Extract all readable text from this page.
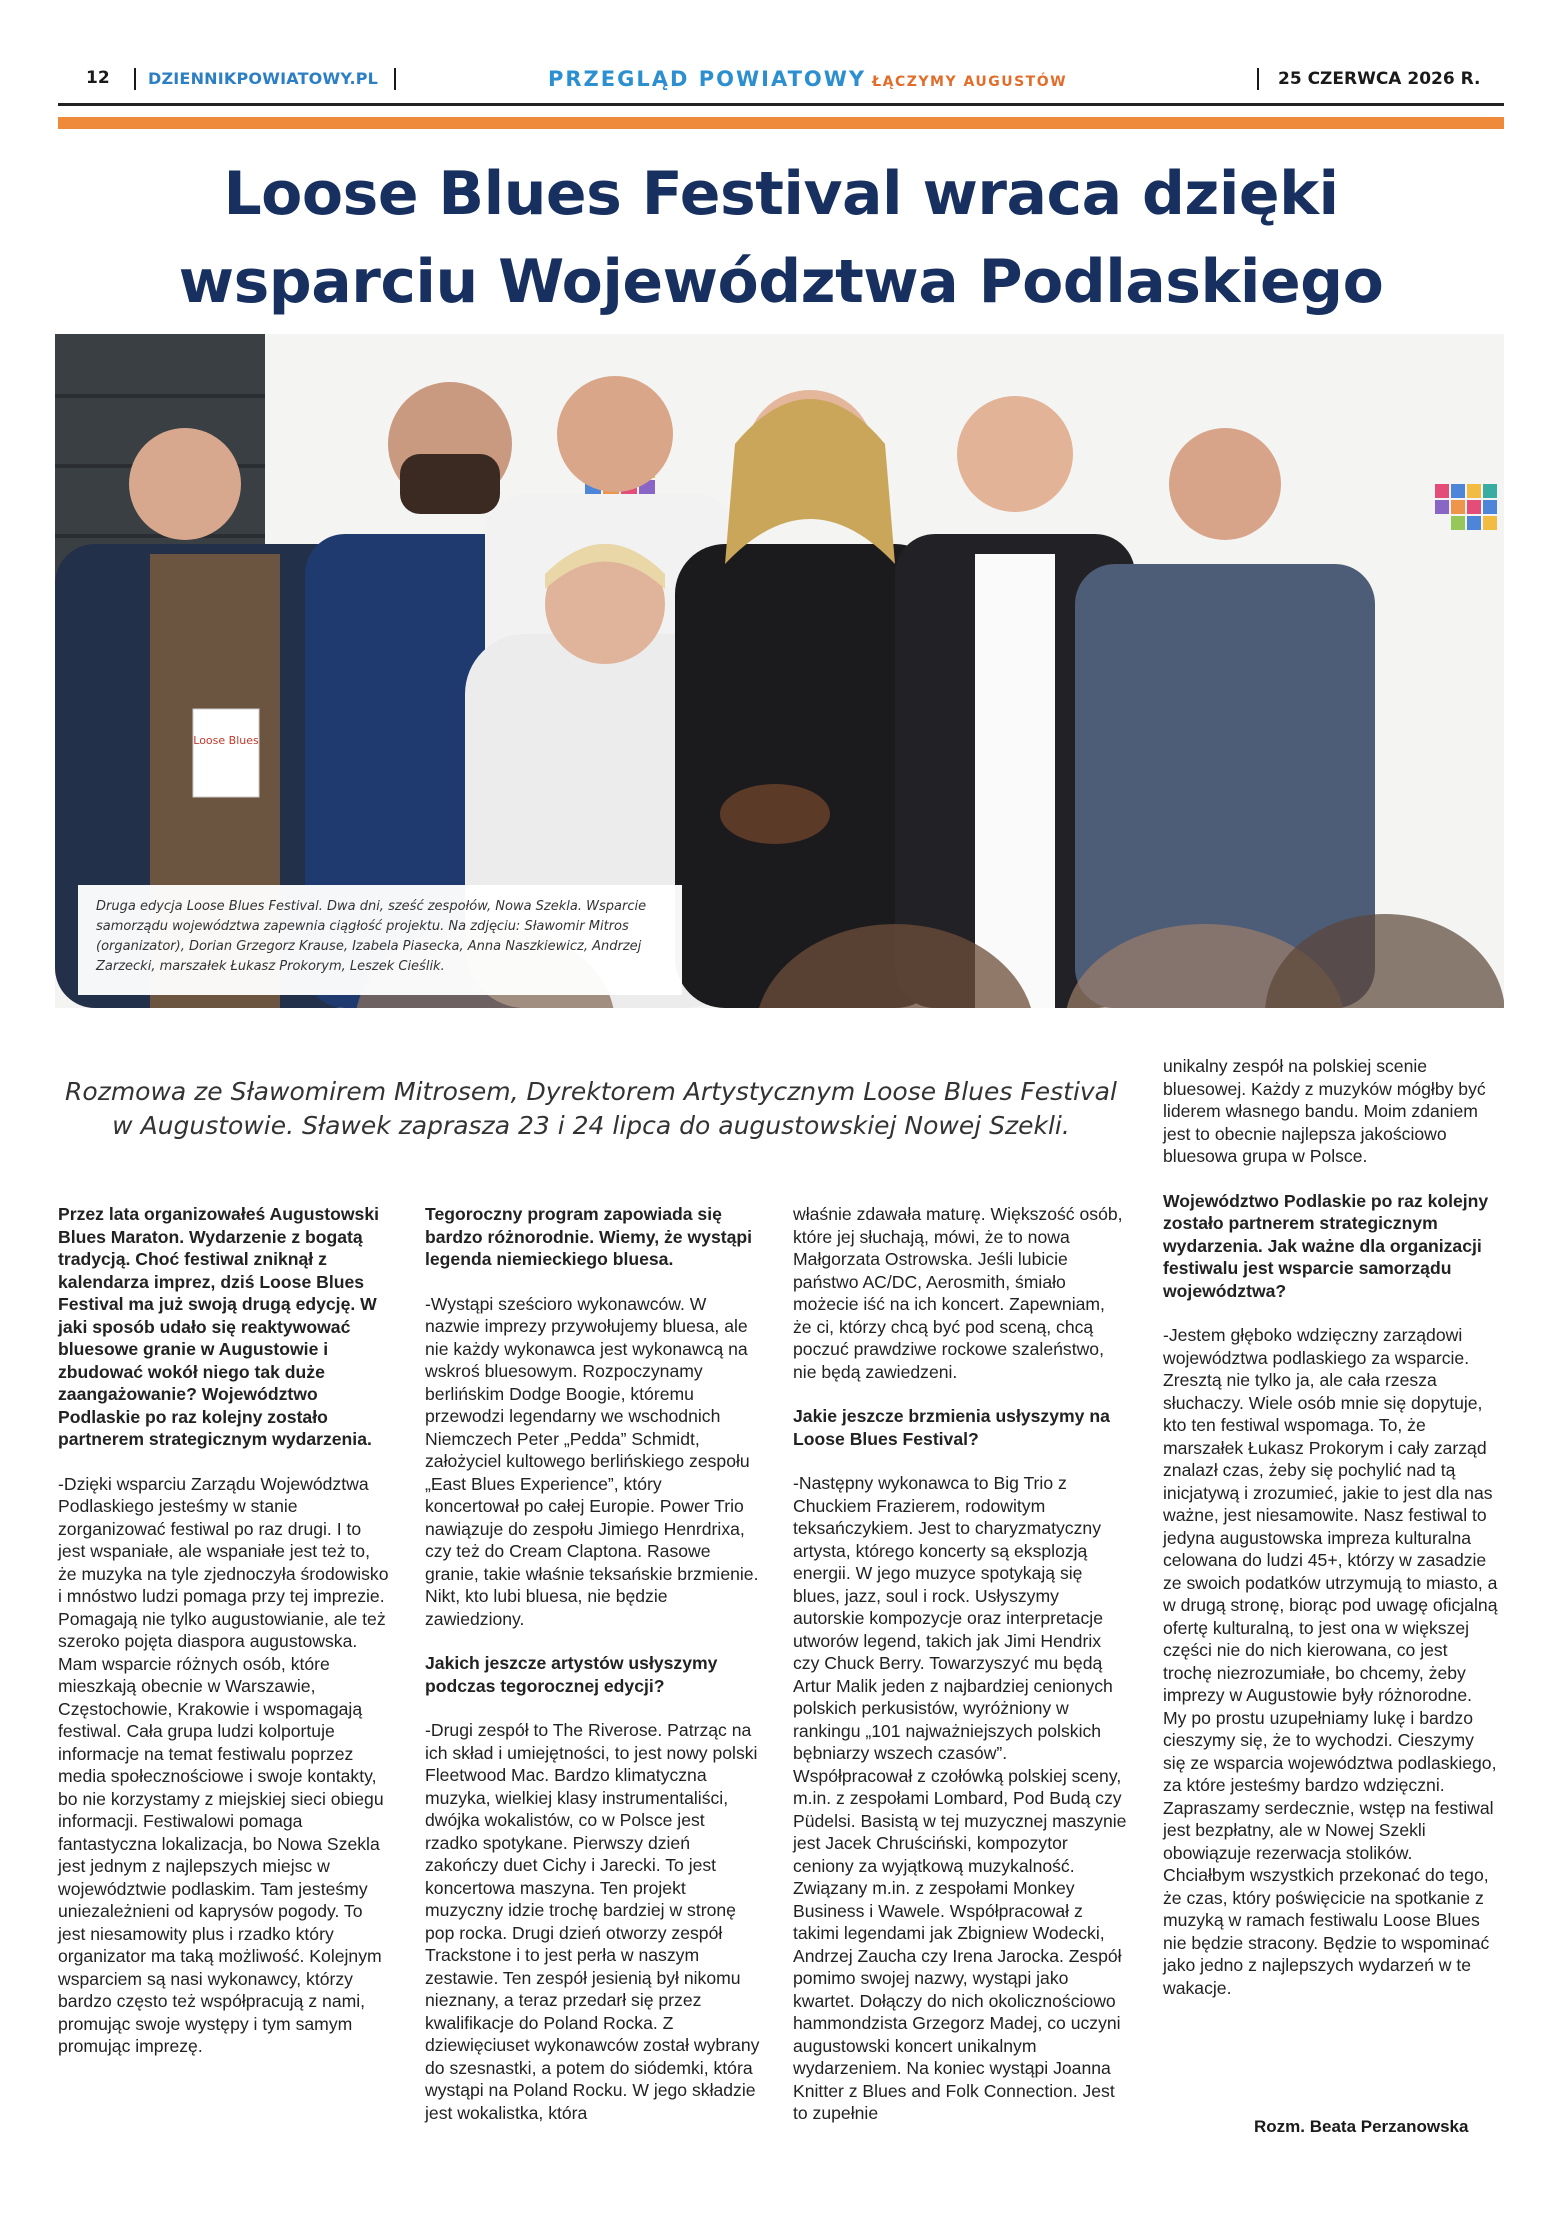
12 DZIENNIKPOWIATOWY.PL	PRZEGLĄD POWIATOWY ŁĄCZYMY AUGUSTÓW	25 CZERWCA 2026 R.
Loose Blues Festival wraca dzięki
wsparciu Województwa Podlaskiego
Loose Blues
Druga edycja Loose Blues Festival. Dwa dni, sześć zespołów, Nowa Szekla. Wsparcie samorządu województwa zapewnia ciągłość projektu. Na zdjęciu: Sławomir Mitros (organizator), Dorian Grzegorz Krause, Izabela Piasecka, Anna Naszkiewicz, Andrzej Zarzecki, marszałek Łukasz Prokorym, Leszek Cieślik.
Rozmowa ze Sławomirem Mitrosem, Dyrektorem Artystycznym Loose Blues Festival w Augustowie. Sławek zaprasza 23 i 24 lipca do augustowskiej Nowej Szekli.

Przez lata organizowałeś Augustowski Blues Maraton. Wydarzenie z bogatą tradycją. Choć festiwal zniknął z kalendarza imprez, dziś Loose Blues Festival ma już swoją drugą edycję. W jaki sposób udało się reaktywować bluesowe granie w Augustowie i zbudować wokół niego tak duże zaangażowanie? Województwo Podlaskie po raz kolejny zostało partnerem strategicznym wydarzenia.

-Dzięki wsparciu Zarządu Województwa Podlaskiego jesteśmy w stanie zorganizować festiwal po raz drugi. I to jest wspaniałe, ale wspaniałe jest też to, że muzyka na tyle zjednoczyła środowisko i mnóstwo ludzi pomaga przy tej imprezie. Pomagają nie tylko augustowianie, ale też szeroko pojęta diaspora augustowska. Mam wsparcie różnych osób, które mieszkają obecnie w Warszawie, Częstochowie, Krakowie i wspomagają festiwal. Cała grupa ludzi kolportuje informacje na temat festiwalu poprzez media społecznościowe i swoje kontakty, bo nie korzystamy z miejskiej sieci obiegu informacji. Festiwalowi pomaga fantastyczna lokalizacja, bo Nowa Szekla jest jednym z najlepszych miejsc w województwie podlaskim. Tam jesteśmy uniezależnieni od kaprysów pogody. To jest niesamowity plus i rzadko który organizator ma taką możliwość. Kolejnym wsparciem są nasi wykonawcy, którzy bardzo często też współpracują z nami, promując swoje występy i tym samym promując imprezę.

Tegoroczny program zapowiada się bardzo różnorodnie. Wiemy, że wystąpi legenda niemieckiego bluesa.

-Wystąpi sześcioro wykonawców. W nazwie imprezy przywołujemy bluesa, ale nie każdy wykonawca jest wykonawcą na wskroś bluesowym. Rozpoczynamy berlińskim Dodge Boogie, któremu przewodzi legendarny we wschodnich Niemczech Peter „Pedda” Schmidt, założyciel kultowego berlińskiego zespołu „East Blues Experience”, który koncertował po całej Europie. Power Trio nawiązuje do zespołu Jimiego Henrdrixa, czy też do Cream Claptona. Rasowe granie, takie właśnie teksańskie brzmienie. Nikt, kto lubi bluesa, nie będzie zawiedziony.

Jakich jeszcze artystów usłyszymy podczas tegorocznej edycji?

-Drugi zespół to The Riverose. Patrząc na ich skład i umiejętności, to jest nowy polski Fleetwood Mac. Bardzo klimatyczna muzyka, wielkiej klasy instrumentaliści, dwójka wokalistów, co w Polsce jest rzadko spotykane. Pierwszy dzień zakończy duet Cichy i Jarecki. To jest koncertowa maszyna. Ten projekt muzyczny idzie trochę bardziej w stronę pop rocka. Drugi dzień otworzy zespół Trackstone i to jest perła w naszym zestawie. Ten zespół jesienią był nikomu nieznany, a teraz przedarł się przez kwalifikacje do Poland Rocka. Z dziewięciuset wykonawców został wybrany do szesnastki, a potem do siódemki, która wystąpi na Poland Rocku. W jego składzie jest wokalistka, która

właśnie zdawała maturę. Większość osób, które jej słuchają, mówi, że to nowa Małgorzata Ostrowska. Jeśli lubicie państwo AC/DC, Aerosmith, śmiało możecie iść na ich koncert. Zapewniam, że ci, którzy chcą być pod sceną, chcą poczuć prawdziwe rockowe szaleństwo, nie będą zawiedzeni.

Jakie jeszcze brzmienia usłyszymy na Loose Blues Festival?

-Następny wykonawca to Big Trio z Chuckiem Frazierem, rodowitym teksańczykiem. Jest to charyzmatyczny artysta, którego koncerty są eksplozją energii. W jego muzyce spotykają się blues, jazz, soul i rock. Usłyszymy autorskie kompozycje oraz interpretacje utworów legend, takich jak Jimi Hendrix czy Chuck Berry. Towarzyszyć mu będą Artur Malik jeden z najbardziej cenionych polskich perkusistów, wyróżniony w rankingu „101 najważniejszych polskich bębniarzy wszech czasów”. Współpracował z czołówką polskiej sceny, m.in. z zespołami Lombard, Pod Budą czy Püdelsi. Basistą w tej muzycznej maszynie jest Jacek Chruściński, kompozytor ceniony za wyjątkową muzykalność. Związany m.in. z zespołami Monkey Business i Wawele. Współpracował z takimi legendami jak Zbigniew Wodecki, Andrzej Zaucha czy Irena Jarocka. Zespół pomimo swojej nazwy, wystąpi jako kwartet. Dołączy do nich okolicznościowo hammondzista Grzegorz Madej, co uczyni augustowski koncert unikalnym wydarzeniem. Na koniec wystąpi Joanna Knitter z Blues and Folk Connection. Jest to zupełnie

unikalny zespół na polskiej scenie bluesowej. Każdy z muzyków mógłby być liderem własnego bandu. Moim zdaniem jest to obecnie najlepsza jakościowo bluesowa grupa w Polsce.

Województwo Podlaskie po raz kolejny zostało partnerem strategicznym wydarzenia. Jak ważne dla organizacji festiwalu jest wsparcie samorządu województwa?

-Jestem głęboko wdzięczny zarządowi województwa podlaskiego za wsparcie. Zresztą nie tylko ja, ale cała rzesza słuchaczy. Wiele osób mnie się dopytuje, kto ten festiwal wspomaga. To, że marszałek Łukasz Prokorym i cały zarząd znalazł czas, żeby się pochylić nad tą inicjatywą i zrozumieć, jakie to jest dla nas ważne, jest niesamowite. Nasz festiwal to jedyna augustowska impreza kulturalna celowana do ludzi 45+, którzy w zasadzie ze swoich podatków utrzymują to miasto, a w drugą stronę, biorąc pod uwagę oficjalną ofertę kulturalną, to jest ona w większej części nie do nich kierowana, co jest trochę niezrozumiałe, bo chcemy, żeby imprezy w Augustowie były różnorodne. My po prostu uzupełniamy lukę i bardzo cieszymy się, że to wychodzi. Cieszymy się ze wsparcia województwa podlaskiego, za które jesteśmy bardzo wdzięczni. Zapraszamy serdecznie, wstęp na festiwal jest bezpłatny, ale w Nowej Szekli obowiązuje rezerwacja stolików. Chciałbym wszystkich przekonać do tego, że czas, który poświęcicie na spotkanie z muzyką w ramach festiwalu Loose Blues nie będzie stracony. Będzie to wspominać jako jedno z najlepszych wydarzeń w te wakacje.

Rozm. Beata Perzanowska
